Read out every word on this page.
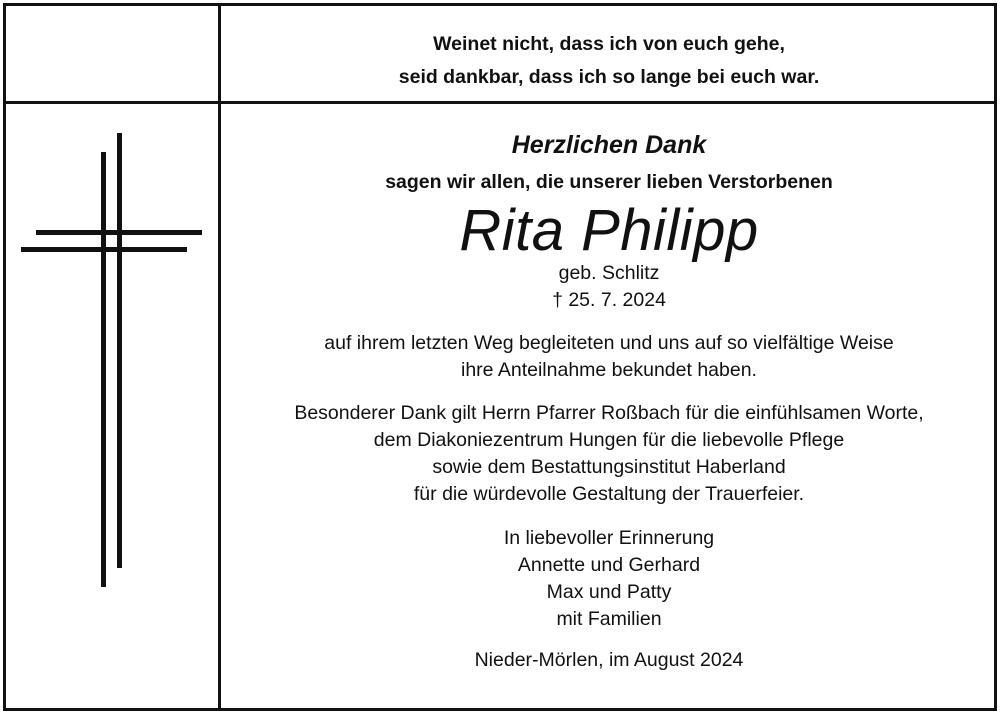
Weinet nicht, dass ich von euch gehe,

seid dankbar, dass ich so lange bei euch war.

Herzlichen Dank

sagen wir allen, die unserer lieben Verstorbenen

Rita Philipp

geb. Schlitz

† 25. 7. 2024

auf ihrem letzten Weg begleiteten und uns auf so vielfältige Weise

ihre Anteilnahme bekundet haben.

Besonderer Dank gilt Herrn Pfarrer Roßbach für die einfühlsamen Worte,

dem Diakoniezentrum Hungen für die liebevolle Pflege

sowie dem Bestattungsinstitut Haberland

für die würdevolle Gestaltung der Trauerfeier.

In liebevoller Erinnerung

Annette und Gerhard

Max und Patty

mit Familien

Nieder-Mörlen, im August 2024
